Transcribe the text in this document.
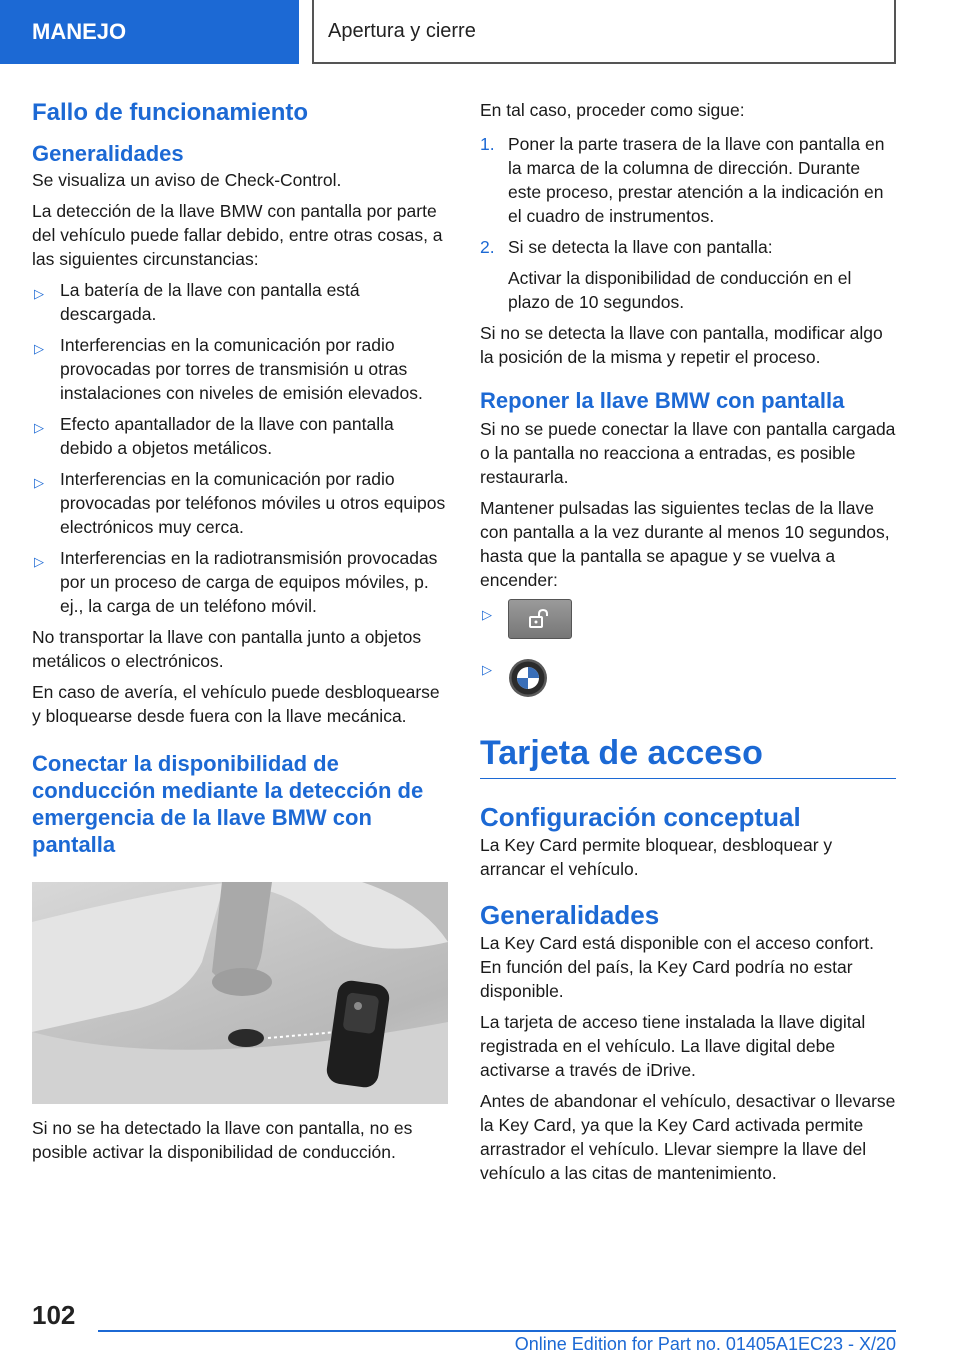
MANEJO	Apertura y cierre
Fallo de funcionamiento
Generalidades

Se visualiza un aviso de Check-Control.

La detección de la llave BMW con pantalla por parte del vehículo puede fallar debido, entre otras cosas, a las siguientes circunstancias:

▷ La batería de la llave con pantalla está descargada.
▷ Interferencias en la comunicación por radio provocadas por torres de transmisión u otras instalaciones con niveles de emisión elevados.
▷ Efecto apantallador de la llave con pantalla debido a objetos metálicos.
▷ Interferencias en la comunicación por radio provocadas por teléfonos móviles u otros equipos electrónicos muy cerca.
▷ Interferencias en la radiotransmisión provocadas por un proceso de carga de equipos móviles, p. ej., la carga de un teléfono móvil.

No transportar la llave con pantalla junto a objetos metálicos o electrónicos.

En caso de avería, el vehículo puede desbloquearse y bloquearse desde fuera con la llave mecánica.

Conectar la disponibilidad de conducción mediante la detección de emergencia de la llave BMW con pantalla

Si no se ha detectado la llave con pantalla, no es posible activar la disponibilidad de conducción.

En tal caso, proceder como sigue:

1. Poner la parte trasera de la llave con pantalla en la marca de la columna de dirección. Durante este proceso, prestar atención a la indicación en el cuadro de instrumentos.

2. Si se detecta la llave con pantalla:

Activar la disponibilidad de conducción en el plazo de 10 segundos.

Si no se detecta la llave con pantalla, modificar algo la posición de la misma y repetir el proceso.

Reponer la llave BMW con pantalla

Si no se puede conectar la llave con pantalla cargada o la pantalla no reacciona a entradas, es posible restaurarla.

Mantener pulsadas las siguientes teclas de la llave con pantalla a la vez durante al menos 10 segundos, hasta que la pantalla se apague y se vuelva a encender:

▷
▷
Tarjeta de acceso
Configuración conceptual

La Key Card permite bloquear, desbloquear y arrancar el vehículo.

Generalidades

La Key Card está disponible con el acceso confort. En función del país, la Key Card podría no estar disponible.

La tarjeta de acceso tiene instalada la llave digital registrada en el vehículo. La llave digital debe activarse a través de iDrive.

Antes de abandonar el vehículo, desactivar o llevarse la Key Card, ya que la Key Card activada permite arrastrador el vehículo. Llevar siempre la llave del vehículo a las citas de mantenimiento.

102
Online Edition for Part no. 01405A1EC23 - X/20
